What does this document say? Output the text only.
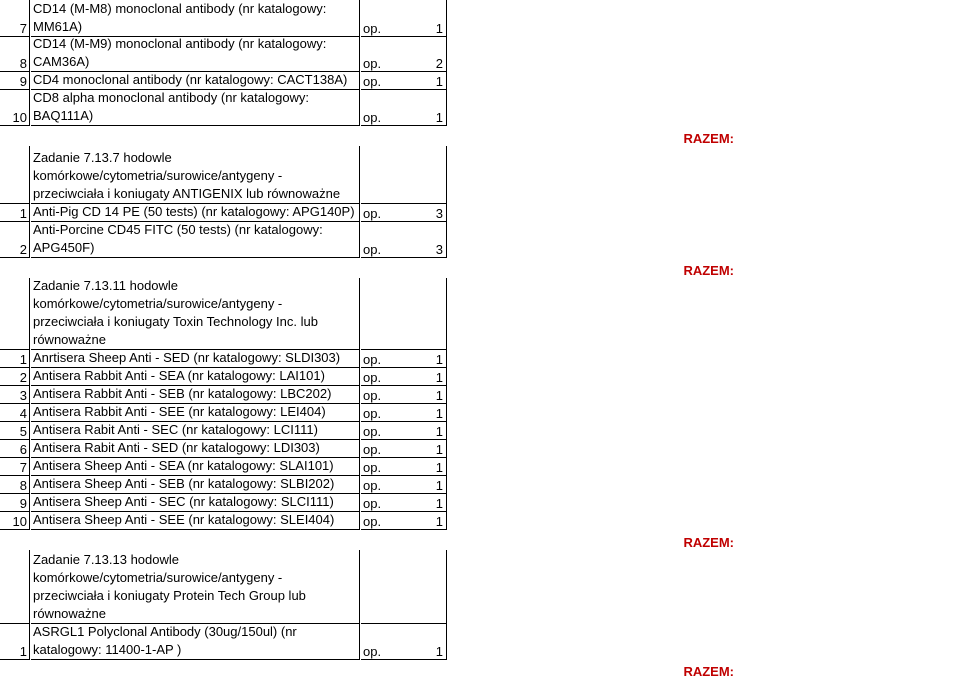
7
CD14 (M-M8) monoclonal antibody (nr katalogowy:
MM61A)	op.	1
8
CD14 (M-M9) monoclonal antibody (nr katalogowy:
CAM36A)	op.	2
9 CD4 monoclonal antibody (nr katalogowy: CACT138A) op.	1
10
CD8 alpha monoclonal antibody (nr katalogowy:
BAQ111A)	op.	1
RAZEM:
Zadanie 7.13.7 hodowle
komórkowe/cytometria/surowice/antygeny -
przeciwciała i koniugaty ANTIGENIX lub równoważne
1 Anti-Pig CD 14 PE (50 tests) (nr katalogowy: APG140P) op.	3
2
Anti-Porcine CD45 FITC (50 tests) (nr katalogowy:
APG450F)	op.	3
RAZEM:
Zadanie 7.13.11 hodowle
komórkowe/cytometria/surowice/antygeny -
przeciwciała i koniugaty Toxin Technology Inc. lub
równoważne
1 Anrtisera Sheep Anti - SED (nr katalogowy: SLDI303) op.	1
2 Antisera Rabbit Anti - SEA (nr katalogowy: LAI101)	op.	1
3 Antisera Rabbit Anti - SEB (nr katalogowy: LBC202) op.	1
4 Antisera Rabbit Anti - SEE (nr katalogowy: LEI404)	op.	1
5 Antisera Rabit Anti - SEC (nr katalogowy: LCI111)	op.	1
6 Antisera Rabit Anti - SED (nr katalogowy: LDI303)	op.	1
7 Antisera Sheep Anti - SEA (nr katalogowy: SLAI101) op.	1
8 Antisera Sheep Anti - SEB (nr katalogowy: SLBI202) op.	1
9 Antisera Sheep Anti - SEC (nr katalogowy: SLCI111) op.	1
10 Antisera Sheep Anti - SEE (nr katalogowy: SLEI404) op.	1
RAZEM:
Zadanie 7.13.13 hodowle
komórkowe/cytometria/surowice/antygeny -
przeciwciała i koniugaty Protein Tech Group lub
równoważne
1
ASRGL1 Polyclonal Antibody (30ug/150ul) (nr
katalogowy: 11400-1-AP )	op.	1
RAZEM:
